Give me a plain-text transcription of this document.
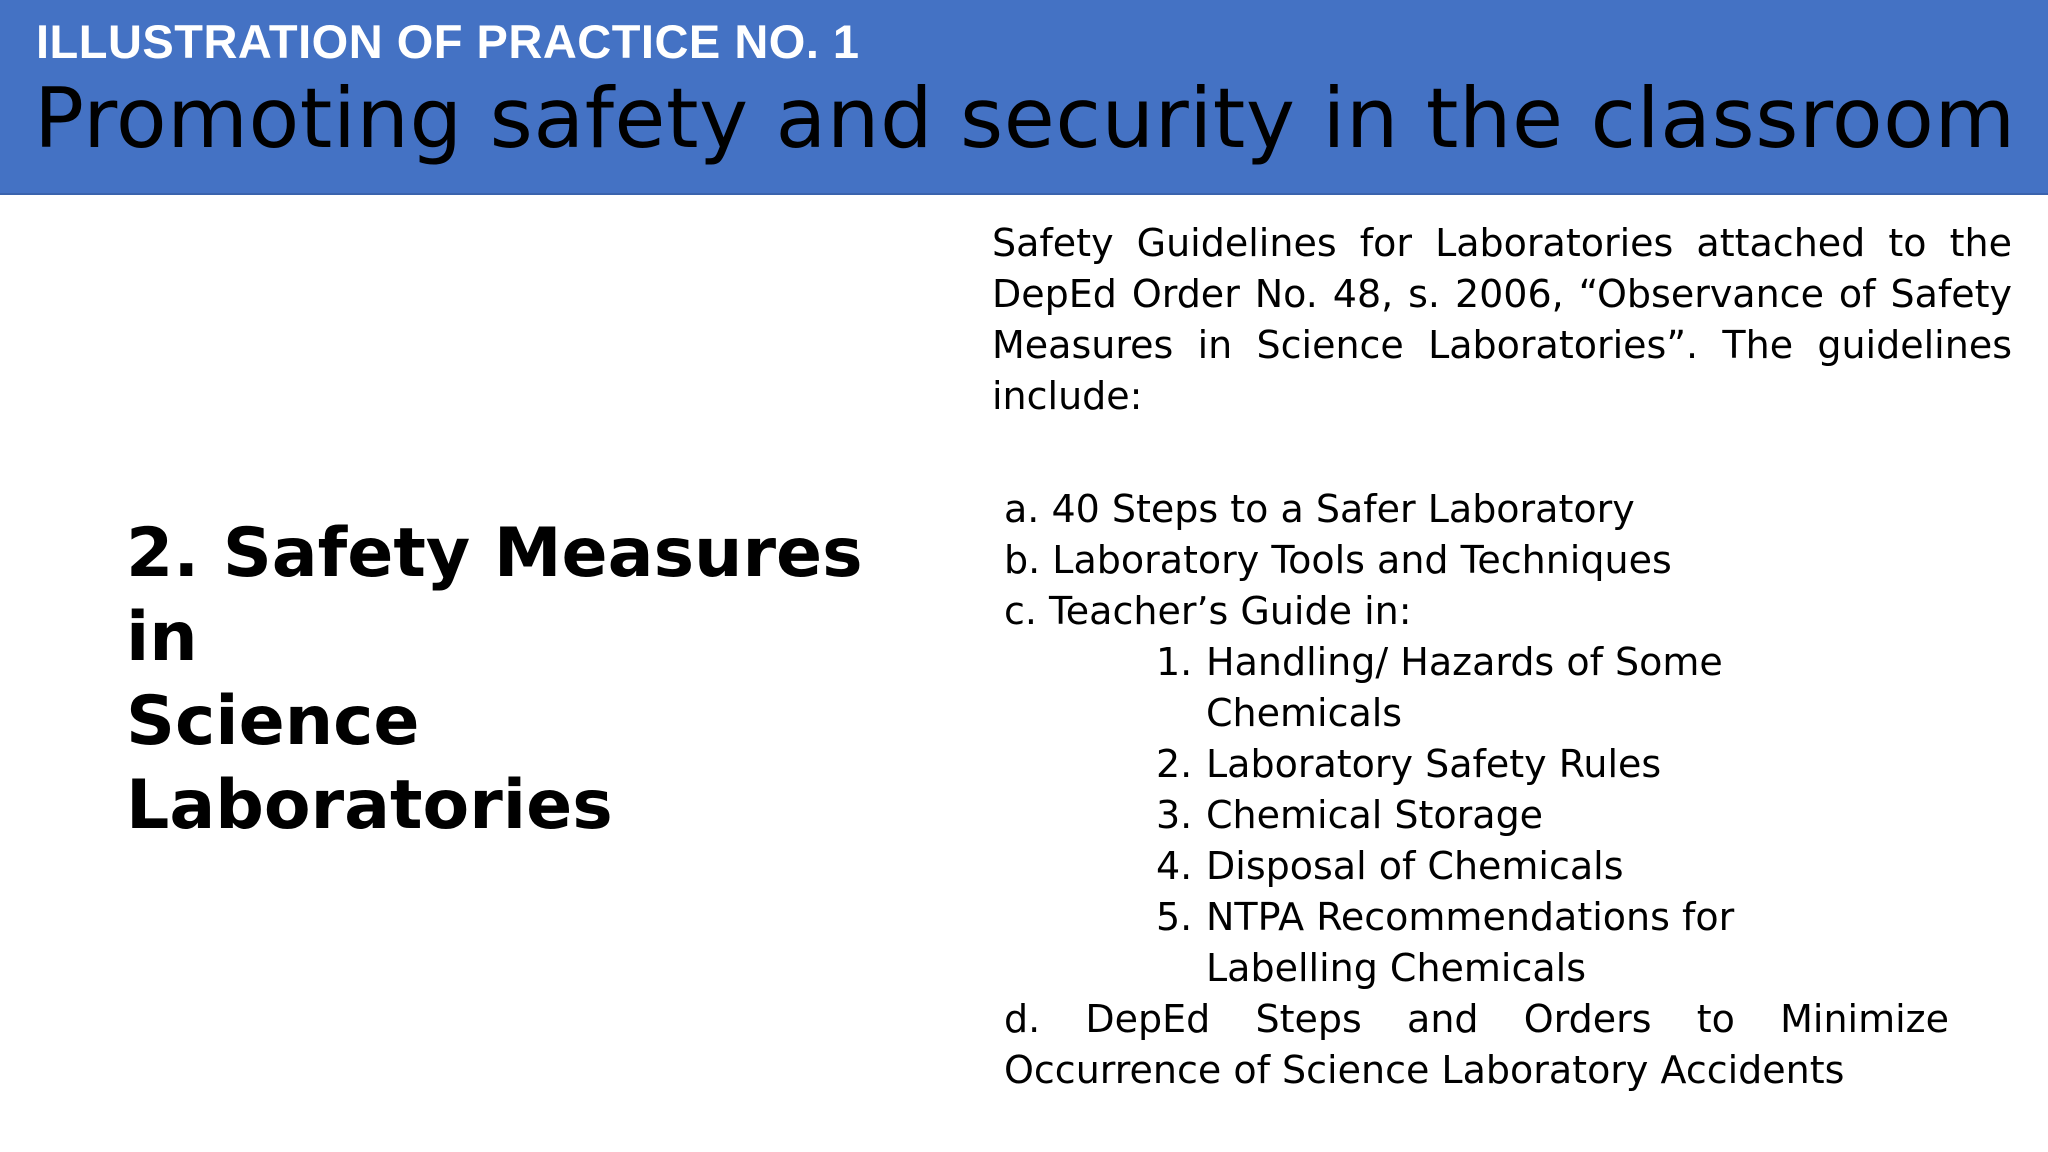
ILLUSTRATION OF PRACTICE NO. 1
Promoting safety and security in the classroom
2. Safety Measures in
Science Laboratories

Safety Guidelines for Laboratories attached to the DepEd Order No. 48, s. 2006, “Observance of Safety Measures in Science Laboratories”. The guidelines include:

a. 40 Steps to a Safer Laboratory
b. Laboratory Tools and Techniques
c. Teacher’s Guide in:
1. Handling/ Hazards of Some
Chemicals
2. Laboratory Safety Rules
3. Chemical Storage
4. Disposal of Chemicals
5. NTPA Recommendations for
Labelling Chemicals
d. DepEd Steps and Orders to Minimize Occurrence of Science Laboratory Accidents
